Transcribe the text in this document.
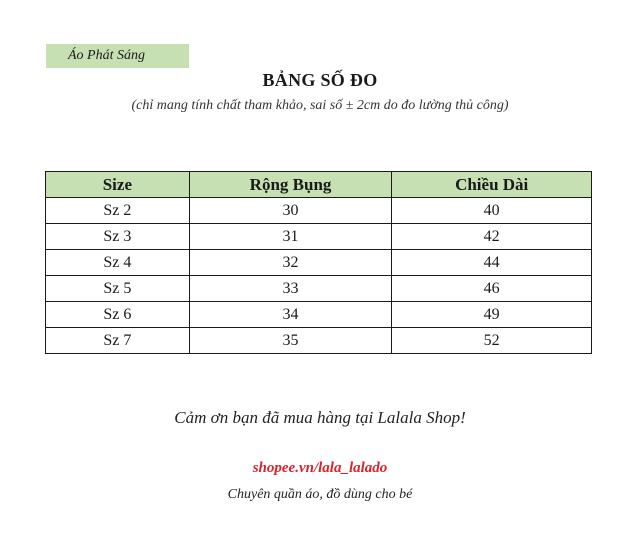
Áo Phát Sáng
BẢNG SỐ ĐO
(chỉ mang tính chất tham khảo, sai số ± 2cm do đo lường thủ công)
Size	Rộng Bụng	Chiều Dài
Sz 2	30	40
Sz 3	31	42
Sz 4	32	44
Sz 5	33	46
Sz 6	34	49
Sz 7	35	52
Cảm ơn bạn đã mua hàng tại Lalala Shop!
shopee.vn/lala_lalado
Chuyên quần áo, đồ dùng cho bé
